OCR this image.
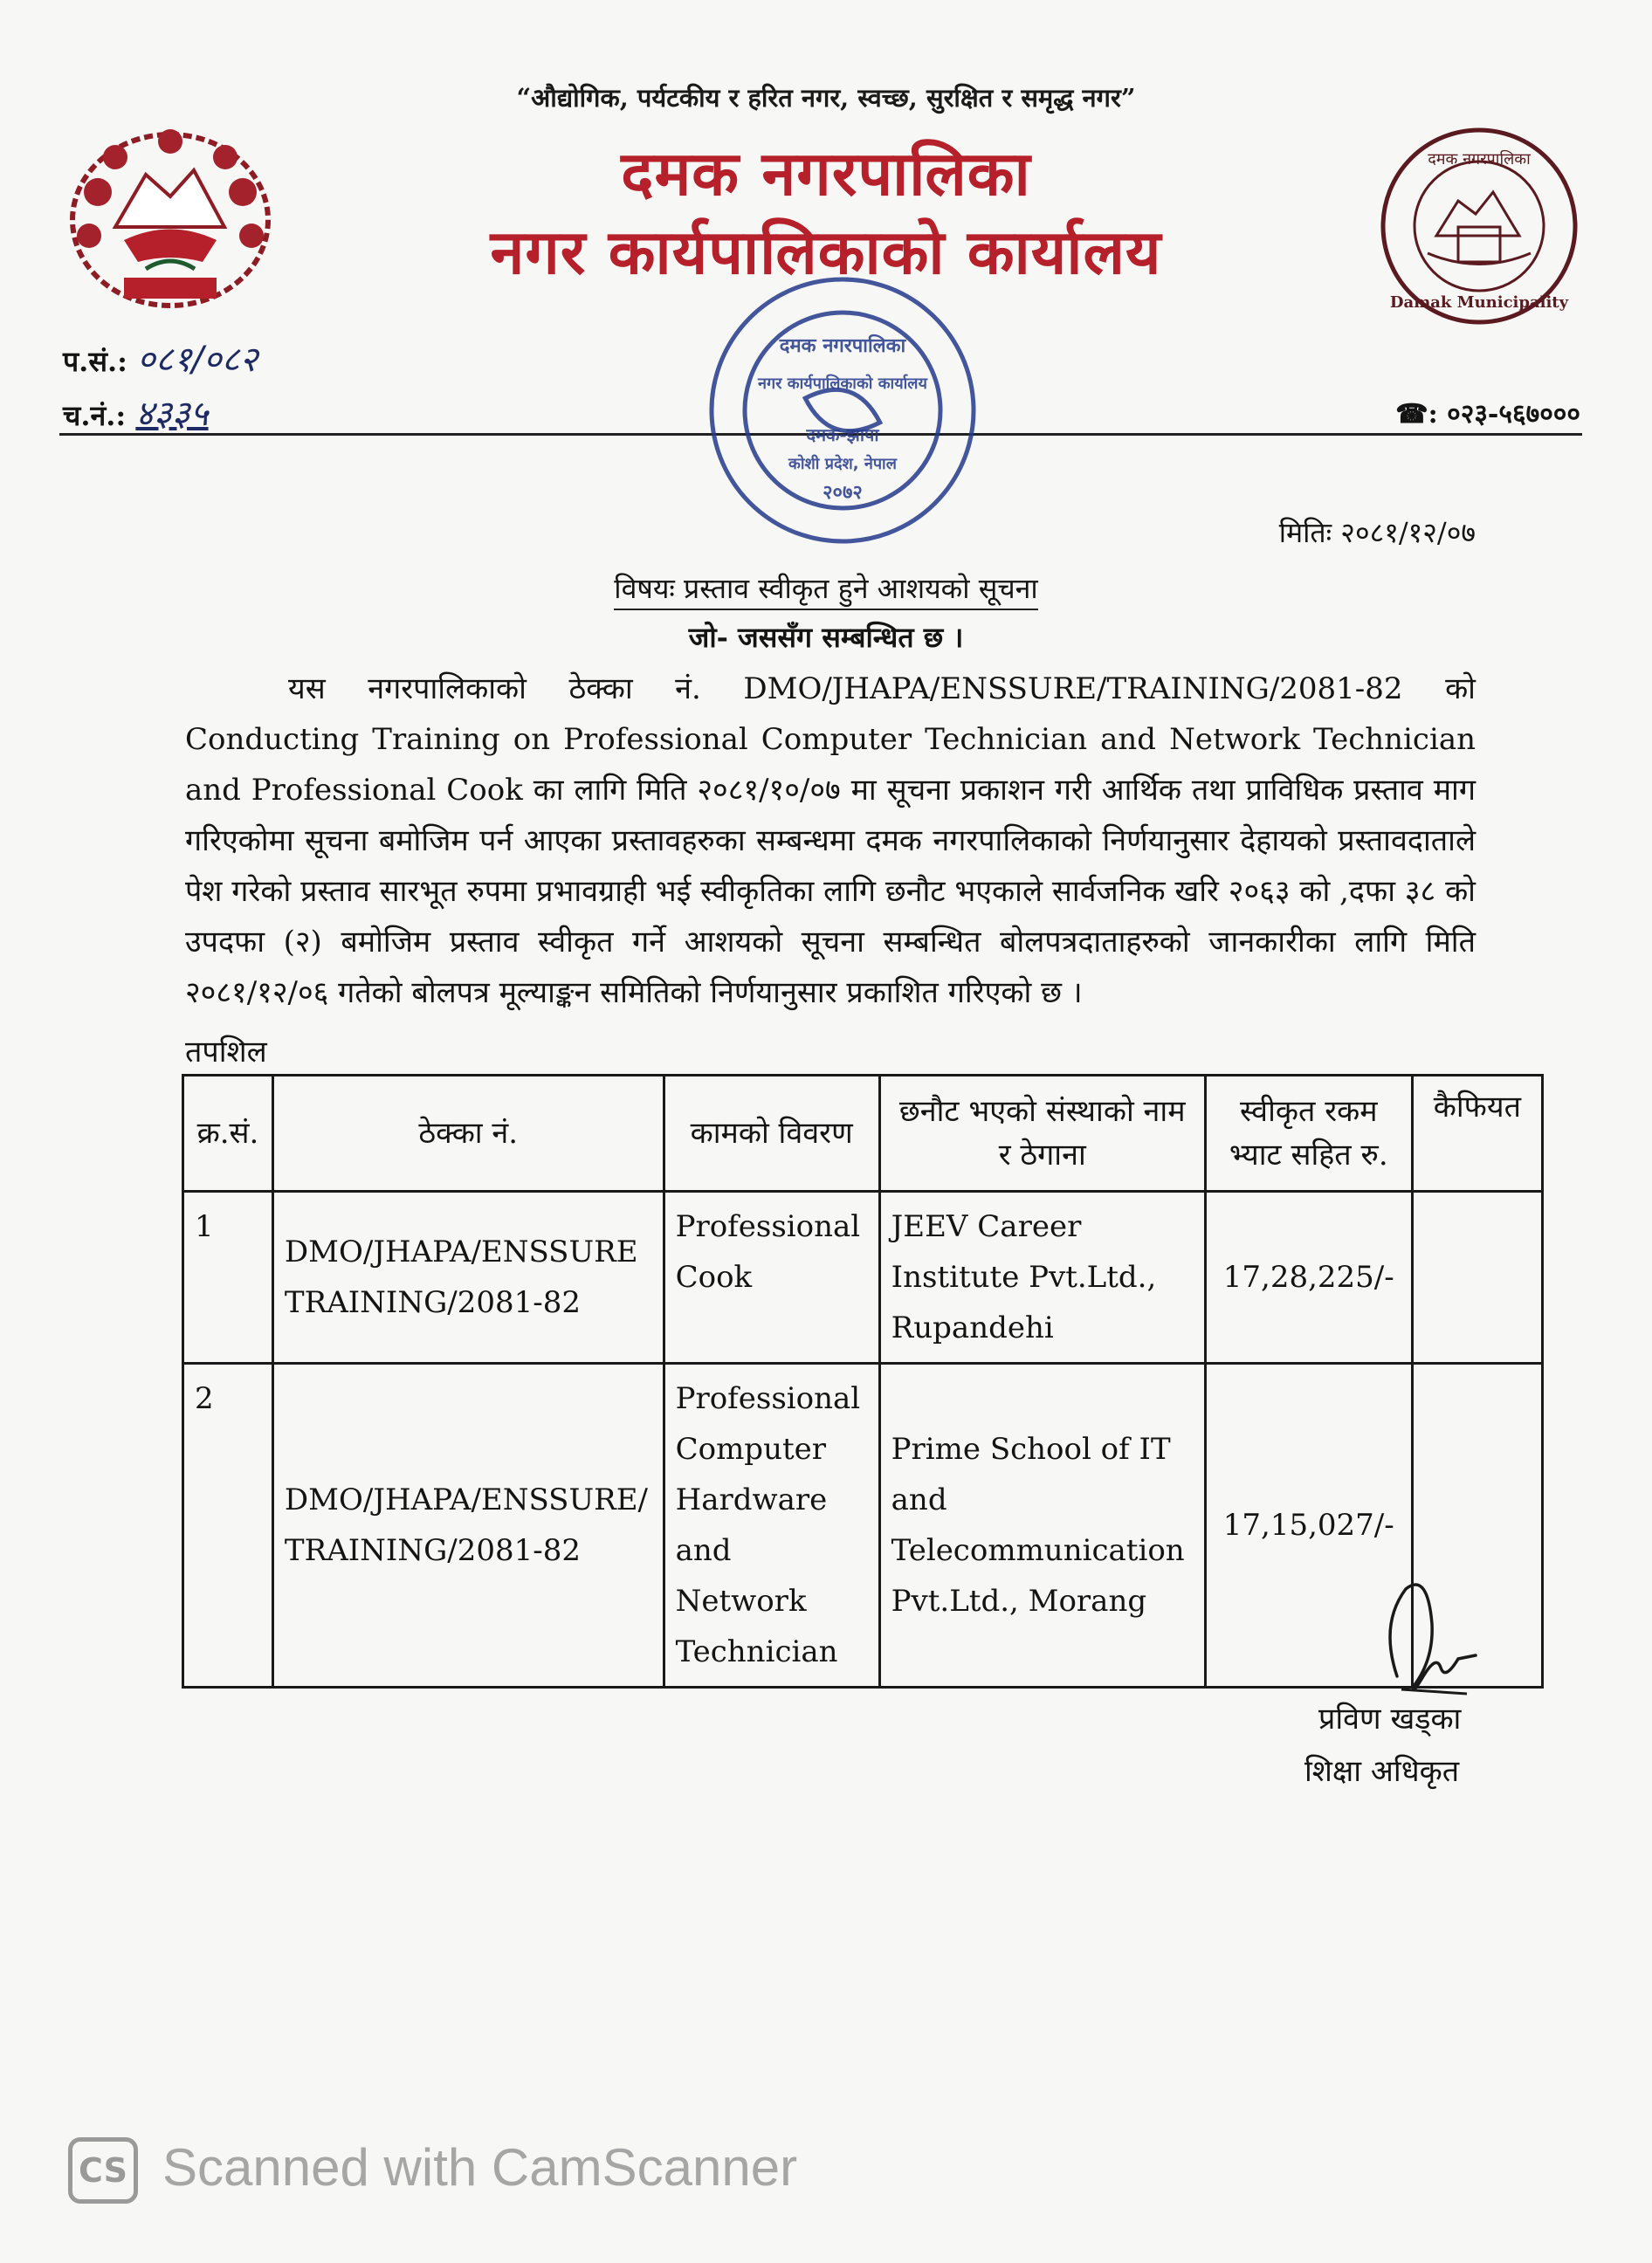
“औद्योगिक, पर्यटकीय र हरित नगर, स्वच्छ, सुरक्षित र समृद्ध नगर”
दमक नगरपालिका
नगर कार्यपालिकाको कार्यालय
दमक नगरपालिका
Damak Municipality
प.सं.: ०८१/०८२
च.नं.: ४३३५	☎: ०२३-५६७०००
दमक नगरपालिका
नगर कार्यपालिकाको कार्यालय
दमक-झापा
कोशी प्रदेश, नेपाल
२०७२
मितिः २०८१/१२/०७
विषयः प्रस्ताव स्वीकृत हुने आशयको सूचना
जो- जससँग सम्बन्धित छ ।
यस नगरपालिकाको ठेक्का नं. DMO/JHAPA/ENSSURE/TRAINING/2081-82 को Conducting Training on Professional Computer Technician and Network Technician and Professional Cook का लागि मिति २०८१/१०/०७ मा सूचना प्रकाशन गरी आर्थिक तथा प्राविधिक प्रस्ताव माग गरिएकोमा सूचना बमोजिम पर्न आएका प्रस्तावहरुका सम्बन्धमा दमक नगरपालिकाको निर्णयानुसार देहायको प्रस्तावदाताले पेश गरेको प्रस्ताव सारभूत रुपमा प्रभावग्राही भई स्वीकृतिका लागि छनौट भएकाले सार्वजनिक खरि २०६३ को ,दफा ३८ को उपदफा (२) बमोजिम प्रस्ताव स्वीकृत गर्ने आशयको सूचना सम्बन्धित बोलपत्रदाताहरुको जानकारीका लागि मिति २०८१/१२/०६ गतेको बोलपत्र मूल्याङ्कन समितिको निर्णयानुसार प्रकाशित गरिएको छ ।
तपशिल
क्र.सं.	ठेक्का नं.	कामको विवरण	छनौट भएको संस्थाको नाम र ठेगाना	स्वीकृत रकम भ्याट सहित रु.	कैफियत
1	DMO/JHAPA/ENSSURE TRAINING/2081-82	Professional Cook	JEEV Career Institute Pvt.Ltd., Rupandehi	17,28,225/-	
2	DMO/JHAPA/ENSSURE/ TRAINING/2081-82	Professional Computer Hardware and Network Technician	Prime School of IT and Telecommunication Pvt.Ltd., Morang	17,15,027/-	
प्रविण खड्का
शिक्षा अधिकृत
CS Scanned with CamScanner
